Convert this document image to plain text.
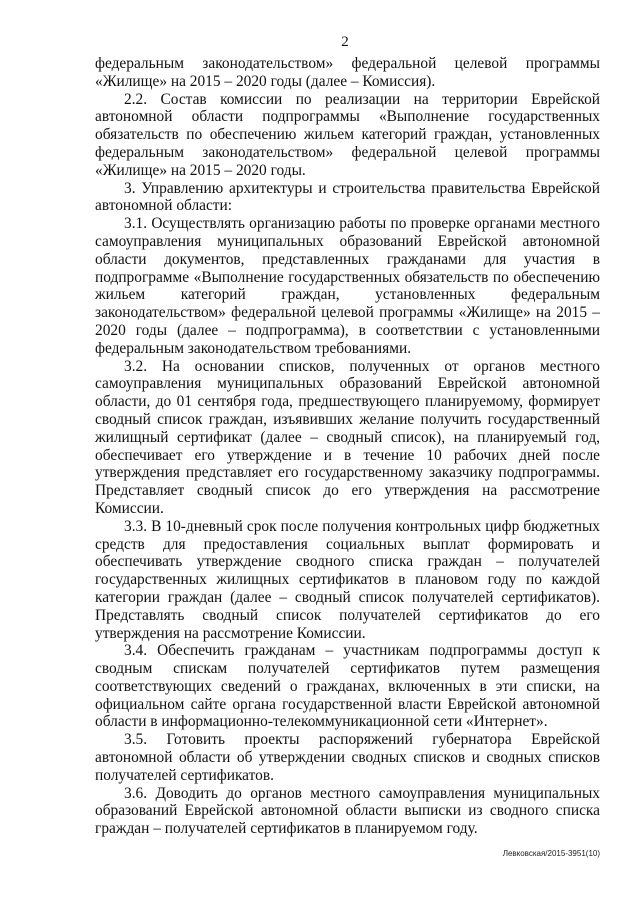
2

федеральным законодательством» федеральной целевой программы «Жилище» на 2015 – 2020 годы (далее – Комиссия).

2.2. Состав комиссии по реализации на территории Еврейской автономной области подпрограммы «Выполнение государственных обязательств по обеспечению жильем категорий граждан, установленных федеральным законодательством» федеральной целевой программы «Жилище» на 2015 – 2020 годы.

3. Управлению архитектуры и строительства правительства Еврейской автономной области:

3.1. Осуществлять организацию работы по проверке органами местного самоуправления муниципальных образований Еврейской автономной области документов, представленных гражданами для участия в подпрограмме «Выполнение государственных обязательств по обеспечению жильем категорий граждан, установленных федеральным законодательством» федеральной целевой программы «Жилище» на 2015 – 2020 годы (далее – подпрограмма), в соответствии с установленными федеральным законодательством требованиями.

3.2. На основании списков, полученных от органов местного самоуправления муниципальных образований Еврейской автономной области, до 01 сентября года, предшествующего планируемому, формирует сводный список граждан, изъявивших желание получить государственный жилищный сертификат (далее – сводный список), на планируемый год, обеспечивает его утверждение и в течение 10 рабочих дней после утверждения представляет его государственному заказчику подпрограммы. Представляет сводный список до его утверждения на рассмотрение Комиссии.

3.3. В 10-дневный срок после получения контрольных цифр бюджетных средств для предоставления социальных выплат формировать и обеспечивать утверждение сводного списка граждан – получателей государственных жилищных сертификатов в плановом году по каждой категории граждан (далее – сводный список получателей сертификатов). Представлять сводный список получателей сертификатов до его утверждения на рассмотрение Комиссии.

3.4. Обеспечить гражданам – участникам подпрограммы доступ к сводным спискам получателей сертификатов путем размещения соответствующих сведений о гражданах, включенных в эти списки, на официальном сайте органа государственной власти Еврейской автономной области в информационно-телекоммуникационной сети «Интернет».

3.5. Готовить проекты распоряжений губернатора Еврейской автономной области об утверждении сводных списков и сводных списков получателей сертификатов.

3.6. Доводить до органов местного самоуправления муниципальных образований Еврейской автономной области выписки из сводного списка граждан – получателей сертификатов в планируемом году.

Левковская/2015-3951(10)
